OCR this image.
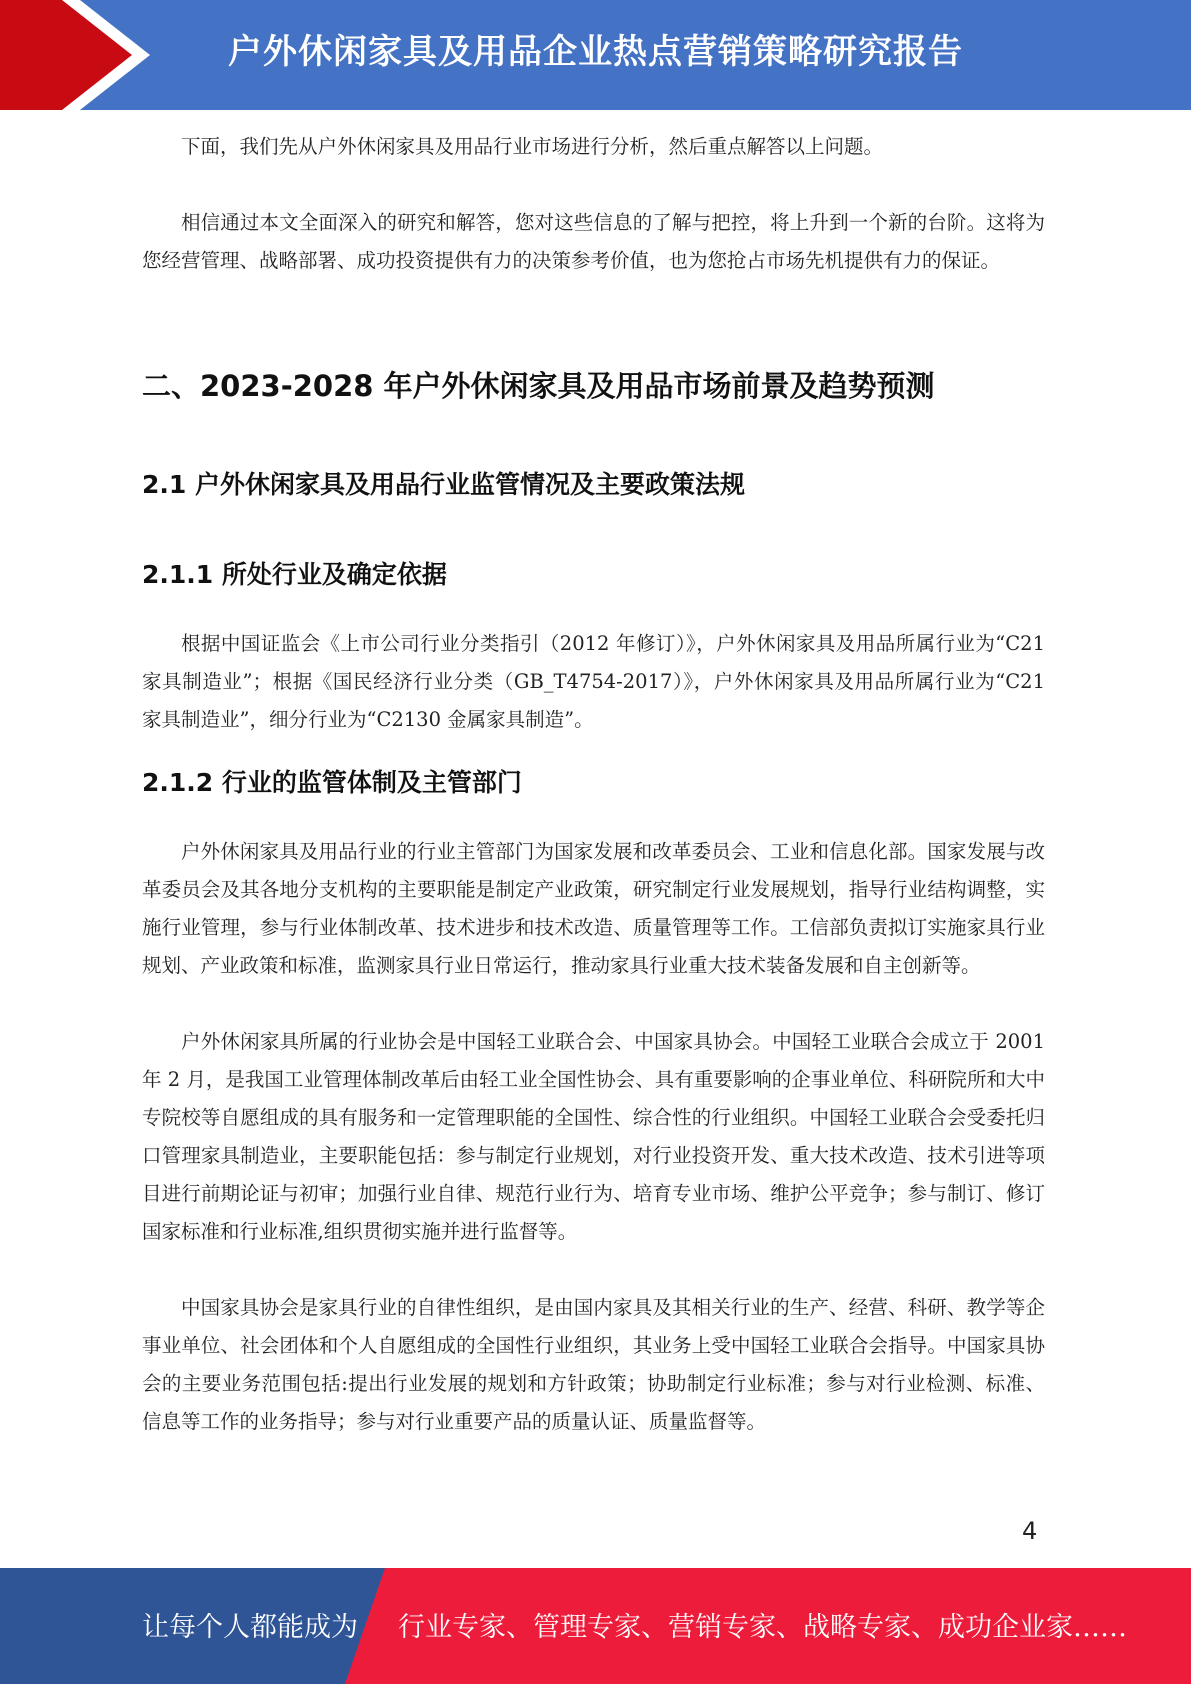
户外休闲家具及用品企业热点营销策略研究报告

下面，我们先从户外休闲家具及用品行业市场进行分析，然后重点解答以上问题。

相信通过本文全面深入的研究和解答，您对这些信息的了解与把控，将上升到一个新的台阶。这将为您经营管理、战略部署、成功投资提供有力的决策参考价值，也为您抢占市场先机提供有力的保证。

二、2023-2028 年户外休闲家具及用品市场前景及趋势预测
2.1 户外休闲家具及用品行业监管情况及主要政策法规
2.1.1 所处行业及确定依据

根据中国证监会《上市公司行业分类指引（2012 年修订）》，户外休闲家具及用品所属行业为“C21 家具制造业”；根据《国民经济行业分类（GB_T4754-2017）》，户外休闲家具及用品所属行业为“C21 家具制造业”，细分行业为“C2130 金属家具制造”。

2.1.2 行业的监管体制及主管部门

户外休闲家具及用品行业的行业主管部门为国家发展和改革委员会、工业和信息化部。国家发展与改革委员会及其各地分支机构的主要职能是制定产业政策，研究制定行业发展规划，指导行业结构调整，实施行业管理，参与行业体制改革、技术进步和技术改造、质量管理等工作。工信部负责拟订实施家具行业规划、产业政策和标准，监测家具行业日常运行，推动家具行业重大技术装备发展和自主创新等。

户外休闲家具所属的行业协会是中国轻工业联合会、中国家具协会。中国轻工业联合会成立于 2001 年 2 月，是我国工业管理体制改革后由轻工业全国性协会、具有重要影响的企事业单位、科研院所和大中专院校等自愿组成的具有服务和一定管理职能的全国性、综合性的行业组织。中国轻工业联合会受委托归口管理家具制造业，主要职能包括：参与制定行业规划，对行业投资开发、重大技术改造、技术引进等项目进行前期论证与初审；加强行业自律、规范行业行为、培育专业市场、维护公平竞争；参与制订、修订国家标准和行业标准,组织贯彻实施并进行监督等。

中国家具协会是家具行业的自律性组织，是由国内家具及其相关行业的生产、经营、科研、教学等企事业单位、社会团体和个人自愿组成的全国性行业组织，其业务上受中国轻工业联合会指导。中国家具协会的主要业务范围包括:提出行业发展的规划和方针政策；协助制定行业标准；参与对行业检测、标准、信息等工作的业务指导；参与对行业重要产品的质量认证、质量监督等。

4
让每个人都能成为 行业专家、管理专家、营销专家、战略专家、成功企业家……
